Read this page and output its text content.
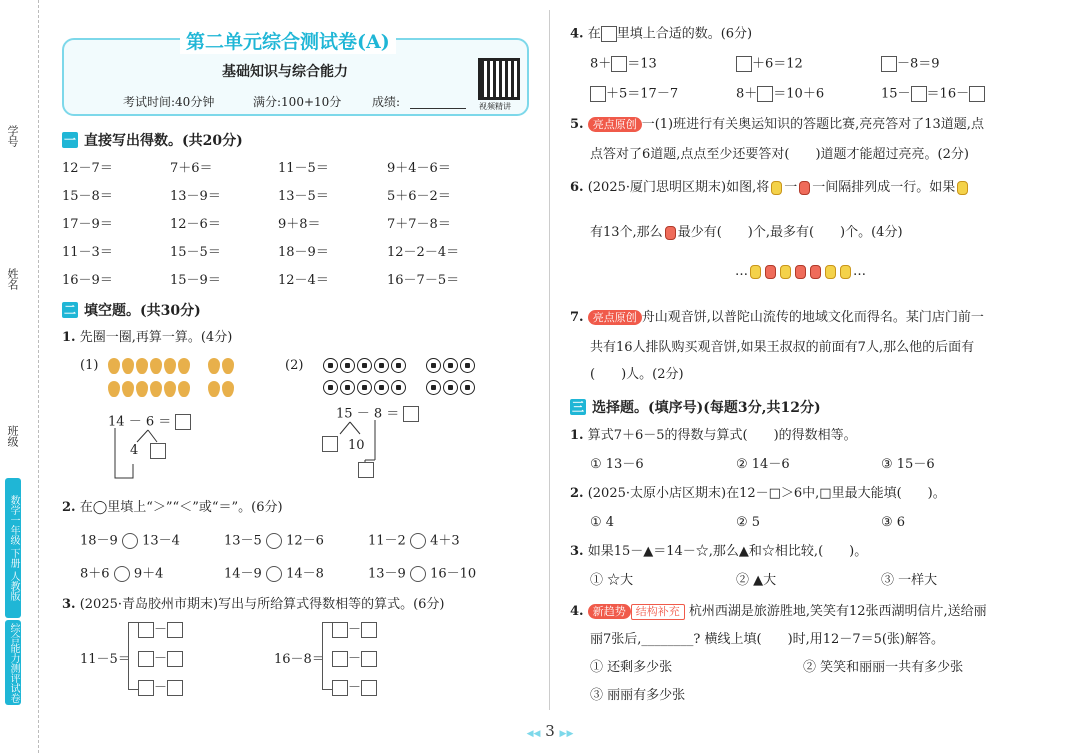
学号
姓名
班级
数学一年级 下册 人教版
综合能力测评试卷
第二单元综合测试卷(A)
基础知识与综合能力
考试时间:40分钟	满分:100+10分	成绩:	视频精讲
一 直接写出得数。(共20分)
12－7＝	7＋6＝	11－5＝	9＋4－6＝
15－8＝	13－9＝	13－5＝	5＋6－2＝
17－9＝	12－6＝	9＋8＝	7＋7－8＝
11－3＝	15－5＝	18－9＝	12－2－4＝
16－9＝	15－9＝	12－4＝	16－7－5＝
二 填空题。(共30分)
1. 先圈一圈,再算一算。(4分)
(1)
14 － 6 ＝
4
(2)
15 － 8 ＝
10
2. 在◯里填上“＞”“＜”或“＝”。(6分)
18－9 13－4	13－5 12－6	11－2 4＋3
8＋6 9＋4	14－9 14－8	13－9 16－10
3. (2025·青岛胶州市期末)写出与所给算式得数相等的算式。(6分)
11－5＝
－
－
－
16－8＝
－
－
－
4. 在 里填上合适的数。(6分)
8＋ ＝13	＋6＝12	－8＝9
＋5＝17－7	8＋ ＝10＋6	15－ ＝16－
5. 亮点原创 一(1)班进行有关奥运知识的答题比赛,亮亮答对了13道题,点
点答对了6道题,点点至少还要答对(　　)道题才能超过亮亮。(2分)
6. (2025·厦门思明区期末)如图,将 一 一间隔排列成一行。如果
有13个,那么 最少有(　　)个,最多有(　　)个。(4分)
…	…
7. 亮点原创 舟山观音饼,以普陀山流传的地域文化而得名。某门店门前一
共有16人排队购买观音饼,如果王叔叔的前面有7人,那么他的后面有
(　　)人。(2分)
三 选择题。(填序号)(每题3分,共12分)
1. 算式7＋6－5的得数与算式(　　)的得数相等。
① 13－6	② 14－6	③ 15－6
2. (2025·太原小店区期末)在12－□＞6中,□里最大能填(　　)。
① 4	② 5	③ 6
3. 如果15－▲＝14－☆,那么▲和☆相比较,(　　)。
① ☆大	② ▲大	③ 一样大
4. 新趋势 结构补充 杭州西湖是旅游胜地,笑笑有12张西湖明信片,送给丽
丽7张后,________? 横线上填(　　)时,用12－7＝5(张)解答。
① 还剩多少张	② 笑笑和丽丽一共有多少张
③ 丽丽有多少张
◀◀ 3 ▶▶
